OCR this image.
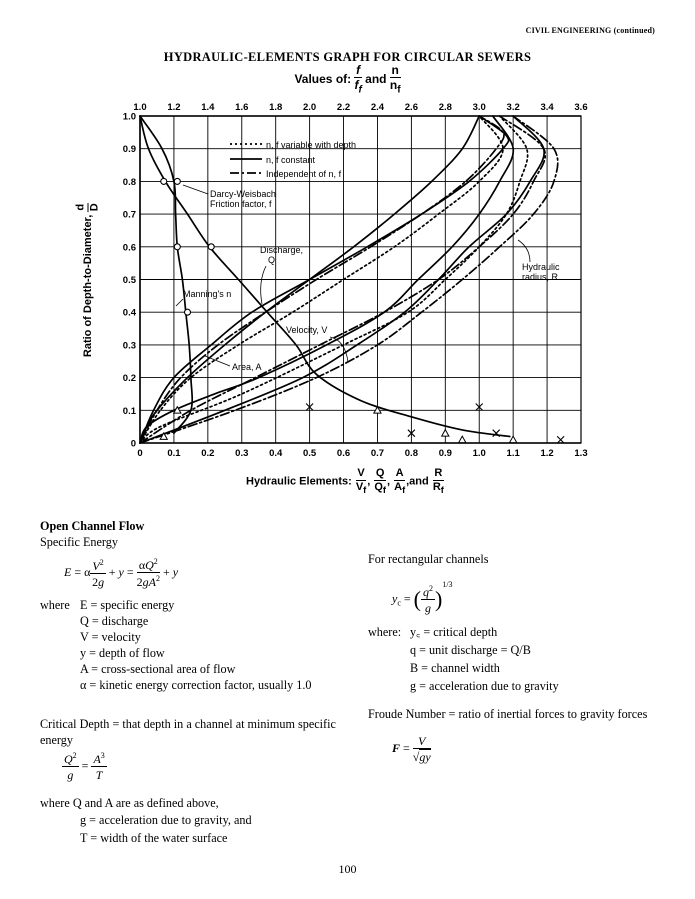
CIVIL ENGINEERING (continued)
HYDRAULIC-ELEMENTS GRAPH FOR CIRCULAR SEWERS
Values of: $\frac{f}{f_f}$ and $\frac{n}{n_f}$
Ratio of Depth-to-Diameter,
d D
0	0.1 0.2 0.3 0.4 0.5 0.6 0.7 0.8 0.9 1.0 1.1 1.2 1.3
1.0 1.2 1.4 1.6 1.8 2.0 2.2 2.4 2.6 2.8 3.0 3.2 3.4 3.6
0
0.1
0.2
0.3
0.4
0.5
0.6
0.7
0.8
0.9
1.0
n, f variable with depth
n, f constant
Independent of n, f
Darcy-Weisbach
Friction factor, f
Discharge,
Q
Manning's n
Velocity, V
Area, A
Hydraulic
radius, R
Hydraulic Elements: $\frac{V}{V_f}$ , $\frac{Q}{Q_f}$ , $\frac{A}{A_f} ,and \frac{R}{R_f}$
Open Channel Flow
Specific Energy
E = α $\frac{V^2}{2g} + y = \frac{\alpha Q^2}{2gA^2} + y$
where E = specific energy
Q = discharge
V = velocity
y = depth of flow
A = cross-sectional area of flow
α = kinetic energy correction factor, usually 1.0
Critical Depth = that depth in a channel at minimum specific energy
$\frac{Q^2}{g} = \frac{A^3}{T}$
where Q and A are as defined above,
g = acceleration due to gravity, and
T = width of the water surface
For rectangular channels
$y_c$ = ( $\frac{q^2}{g} )^{1/3}$
where: y꜀ = critical depth
q = unit discharge = Q/B
B = channel width
g = acceleration due to gravity
Froude Number = ratio of inertial forces to gravity forces
$F = \frac{V}{√gy}$
100
